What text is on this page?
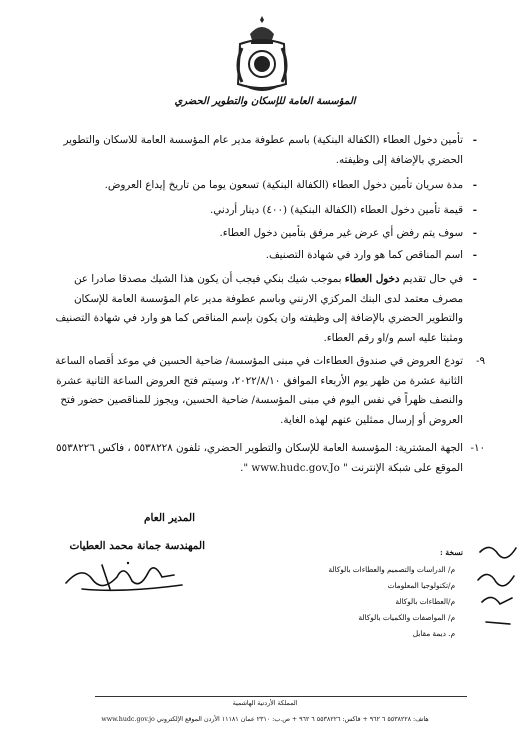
المؤسسة العامة للإسكان والتطوير الحضري
-
تأمين دخول العطاء (الكفالة البنكية) باسم عطوفة مدير عام المؤسسة العامة للاسكان والتطوير الحضري بالإضافة إلى وظيفته.
-
مدة سريان تأمين دخول العطاء (الكفالة البنكية) تسعون يوما من تاريخ إيداع العروض.
-
قيمة تأمين دخول العطاء (الكفالة البنكية) (٤٠٠) دينار أردني.
-
سوف يتم رفض أي عرض غير مرفق بتأمين دخول العطاء.
-
اسم المناقص كما هو وارد في شهادة التصنيف.
-
في حال تقديم دخول العطاء بموجب شيك بنكي فيجب أن يكون هذا الشيك مصدقا صادرا عن مصرف معتمد لدى البنك المركزي الارنني وباسم عطوفة مدير عام المؤسسة العامة للإسكان والتطوير الحضري بالإضافة إلى وظيفته وان يكون بإسم المناقص كما هو وارد في شهادة التصنيف ومثبتا عليه اسم و/او رقم العطاء.
٩-
تودع العروض في صندوق العطاءات في مبنى المؤسسة/ ضاحية الحسين في موعد أقصاه الساعة الثانية عشرة من ظهر يوم الأربعاء الموافق ٢٠٢٢/٨/١٠، وسيتم فتح العروض الساعة الثانية عشرة والنصف ظهراً في نفس اليوم في مبنى المؤسسة/ ضاحية الحسين، ويجوز للمناقصين حضور فتح العروض أو إرسال ممثلين عنهم لهذه الغاية.
١٠-
الجهة المشترية: المؤسسة العامة للإسكان والتطوير الحضري، تلفون ٥٥٣٨٢٢٨ ، فاكس ٥٥٣٨٢٢٦
الموقع على شبكة الإنترنت " www.hudc.gov.Jo ".
المدير العام
المهندسة جمانة محمد العطيات
نسخة :
م/ الدراسات والتصميم والعطاءات بالوكالة
م/تكنولوجيا المعلومات
م/العطاءات بالوكالة
م/ المواصفات والكميات بالوكالة
م. ديمة مقابل
المملكة الأردنية الهاشمية
هاتف: ٥٥٣٨٢٢٨ ٦ ٩٦٢ + فاكس: ٥٥٣٨٢٢٦ ٦ ٩٦٢ + ص.ب: ٢٣١٠ عمان ١١١٨١ الأردن الموقع الإلكتروني www.hudc.gov.jo
